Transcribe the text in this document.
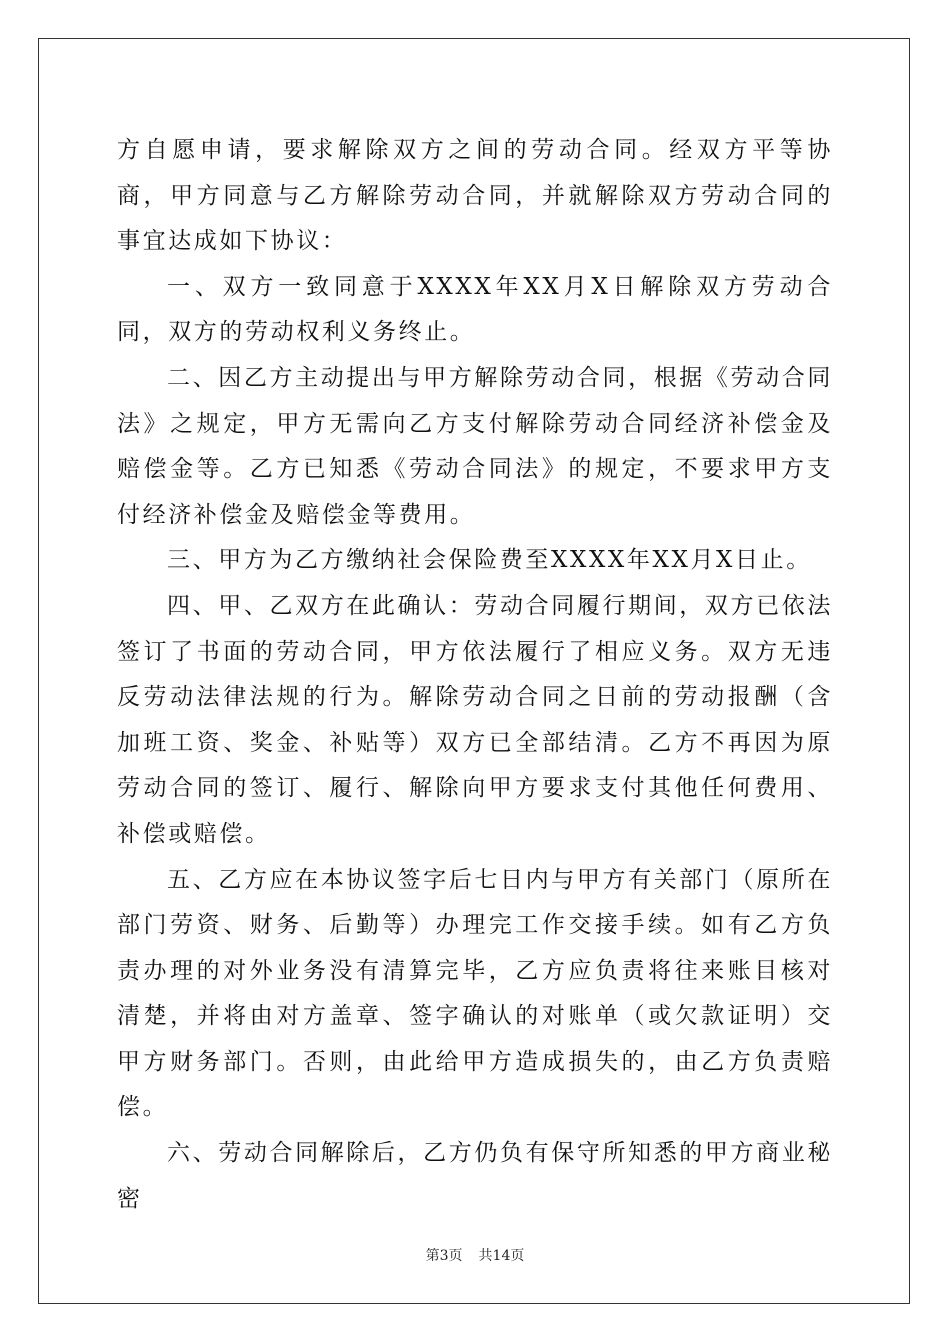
方自愿申请，要求解除双方之间的劳动合同。经双方平等协商，甲方同意与乙方解除劳动合同，并就解除双方劳动合同的事宜达成如下协议：

一、双方一致同意于XXXX年XX月X日解除双方劳动合同，双方的劳动权利义务终止。

二、因乙方主动提出与甲方解除劳动合同，根据《劳动合同法》之规定，甲方无需向乙方支付解除劳动合同经济补偿金及赔偿金等。乙方已知悉《劳动合同法》的规定，不要求甲方支付经济补偿金及赔偿金等费用。

三、甲方为乙方缴纳社会保险费至XXXX年XX月X日止。

四、甲、乙双方在此确认：劳动合同履行期间，双方已依法签订了书面的劳动合同，甲方依法履行了相应义务。双方无违反劳动法律法规的行为。解除劳动合同之日前的劳动报酬（含加班工资、奖金、补贴等）双方已全部结清。乙方不再因为原劳动合同的签订、履行、解除向甲方要求支付其他任何费用、补偿或赔偿。

五、乙方应在本协议签字后七日内与甲方有关部门（原所在部门劳资、财务、后勤等）办理完工作交接手续。如有乙方负责办理的对外业务没有清算完毕，乙方应负责将往来账目核对清楚，并将由对方盖章、签字确认的对账单（或欠款证明）交甲方财务部门。否则，由此给甲方造成损失的，由乙方负责赔偿。

六、劳动合同解除后，乙方仍负有保守所知悉的甲方商业秘密

第3页 共14页
